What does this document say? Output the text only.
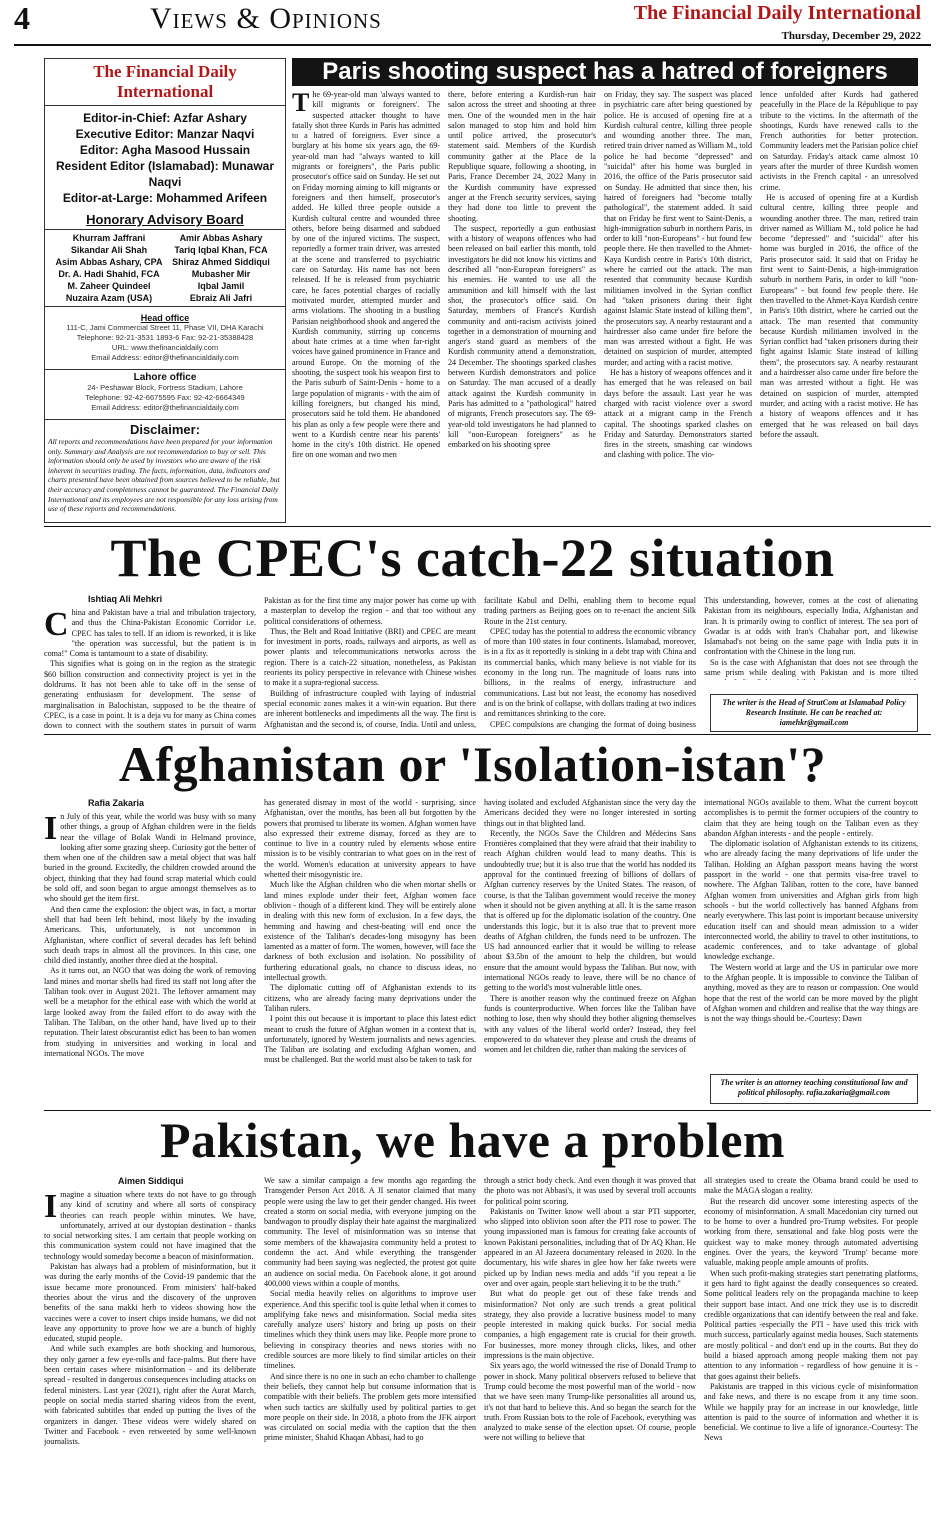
4	Views & Opinions	The Financial Daily International
Thursday, December 29, 2022
The Financial Daily International
Editor-in-Chief: Azfar Ashary
Executive Editor: Manzar Naqvi
Editor: Agha Masood Hussain
Resident Editor (Islamabad): Munawar Naqvi
Editor-at-Large: Mohammed Arifeen
Honorary Advisory Board
Khurram Jaffrani
Sikandar Ali Shah
Asim Abbas Ashary, CPA
Dr. A. Hadi Shahid, FCA
M. Zaheer Quindeel
Nuzaira Azam (USA)
Amir Abbas Ashary
Tariq Iqbal Khan, FCA
Shiraz Ahmed Siddiqui
Mubasher Mir
Iqbal Jamil
Ebraiz Ali Jafri
Head office
111-C, Jami Commercial Street 11, Phase VII, DHA Karachi
Telephone: 92-21-3531 1893-6 Fax: 92-21-35388428
URL: www.thefinancialdaily.com
Email Address: editor@thefinancialdaily.com
Lahore office
24- Peshawar Block, Fortress Stadium, Lahore
Telephone: 92-42-6675595 Fax: 92-42-6664349
Email Address: editor@thefinancialdaily.com
Disclaimer:
All reports and recommendations have been prepared for your information only. Summary and Analysis are not recommendation to buy or sell. This information should only be used by investors who are aware of the risk inherent in securities trading. The facts, information, data, indicators and charts presented have been obtained from sources believed to be reliable, but their accuracy and completeness cannot be guaranteed. The Financial Daily International and its employees are not responsible for any loss arising from use of these reports and recommendations.
Paris shooting suspect has a hatred of foreigners

The 69-year-old man 'always wanted to kill migrants or foreigners'. The suspected attacker thought to have fatally shot three Kurds in Paris has admitted to a hatred of foreigners. Ever since a burglary at his home six years ago, the 69-year-old man had "always wanted to kill migrants or foreigners", the Paris public prosecutor's office said on Sunday. He set out on Friday morning aiming to kill migrants or foreigners and then himself, prosecutor's added. He killed three people outside a Kurdish cultural centre and wounded three others, before being disarmed and subdued by one of the injured victims. The suspect, reportedly a former train driver, was arrested at the scene and transferred to psychiatric care on Saturday. His name has not been released. If he is released from psychiatric care, he faces potential charges of racially motivated murder, attempted murder and arms violations. The shooting in a bustling Parisian neighborhood shook and angered the Kurdish community, stirring up concerns about hate crimes at a time when far-right voices have gained prominence in France and around Europe. On the morning of the shooting, the suspect took his weapon first to the Paris suburb of Saint-Denis - home to a large population of migrants - with the aim of killing foreigners, but changed his mind, prosecutors said he told them. He abandoned his plan as only a few people were there and went to a Kurdish centre near his parents' home in the city's 10th district. He opened fire on one woman and two men

there, before entering a Kurdish-run hair salon across the street and shooting at three men. One of the wounded men in the hair salon managed to stop him and hold him until police arrived, the prosecutor's statement said. Members of the Kurdish community gather at the Place de la Republique square, following a shooting, in Paris, France December 24, 2022 Many in the Kurdish community have expressed anger at the French security services, saying they had done too little to prevent the shooting.

The suspect, reportedly a gun enthusiast with a history of weapons offences who had been released on bail earlier this month, told investigators he did not know his victims and described all "non-European foreigners" as his enemies. He wanted to use all the ammunition and kill himself with the last shot, the prosecutor's office said. On Saturday, members of France's Kurdish community and anti-racism activists joined together in a demonstration of mourning and anger's stand guard as members of the Kurdish community attend a demonstration, 24 December. The shootings sparked clashes between Kurdish demonstrators and police on Saturday. The man accused of a deadly attack against the Kurdish community in Paris has admitted to a "pathological" hatred of migrants, French prosecutors say. The 69-year-old told investigators he had planned to kill "non-European foreigners" as he embarked on his shooting spree

on Friday, they say. The suspect was placed in psychiatric care after being questioned by police. He is accused of opening fire at a Kurdish cultural centre, killing three people and wounding another three. The man, retired train driver named as William M., told police he had become "depressed" and "suicidal" after his home was burgled in 2016, the office of the Paris prosecutor said on Sunday. He admitted that since then, his hatred of foreigners had "become totally pathological", the statement added. It said that on Friday he first went to Saint-Denis, a high-immigration suburb in northern Paris, in order to kill "non-Europeans" - but found few people there. He then travelled to the Ahmet-Kaya Kurdish centre in Paris's 10th district, where he carried out the attack. The man resented that community because Kurdish militiamen involved in the Syrian conflict had "taken prisoners during their fight against Islamic State instead of killing them", the prosecutors say. A nearby restaurant and a hairdresser also came under fire before the man was arrested without a fight. He was detained on suspicion of murder, attempted murder, and acting with a racist motive.

He has a history of weapons offences and it has emerged that he was released on bail days before the assault. Last year he was charged with racist violence over a sword attack at a migrant camp in the French capital. The shootings sparked clashes on Friday and Saturday. Demonstrators started fires in the streets, smashing car windows and clashing with police. The vio-

lence unfolded after Kurds had gathered peacefully in the Place de la République to pay tribute to the victims. In the aftermath of the shootings, Kurds have renewed calls to the French authorities for better protection. Community leaders met the Parisian police chief on Saturday. Friday's attack came almost 10 years after the murder of three Kurdish women activists in the French capital - an unresolved crime.

He is accused of opening fire at a Kurdish cultural centre, killing three people and wounding another three. The man, retired train driver named as William M., told police he had become "depressed" and "suicidal" after his home was burgled in 2016, the office of the Paris prosecutor said. It said that on Friday he first went to Saint-Denis, a high-immigration suburb in northern Paris, in order to kill "non-Europeans" - but found few people there. He then travelled to the Ahmet-Kaya Kurdish centre in Paris's 10th district, where he carried out the attack. The man resented that community because Kurdish militiamen involved in the Syrian conflict had "taken prisoners during their fight against Islamic State instead of killing them", the prosecutors say. A nearby restaurant and a hairdresser also came under fire before the man was arrested without a fight. He was detained on suspicion of murder, attempted murder, and acting with a racist motive. He has a history of weapons offences and it has emerged that he was released on bail days before the assault.

The CPEC's catch-22 situation
Ishtiaq Ali Mehkri

China and Pakistan have a trial and tribulation trajectory, and thus the China-Pakistan Economic Corridor i.e. CPEC has tales to tell. If an idiom is reworked, it is like "the operation was successful, but the patient is in coma!" Coma is tantamount to a state of disability.

This signifies what is going on in the region as the strategic $60 billion construction and connectivity project is yet in the doldrums. It has not been able to take off in the sense of generating enthusiasm for development. The sense of marginalisation in Balochistan, supposed to be the theatre of CPEC, is a case in point. It is a deja vu for many as China comes down to connect with the southern states in pursuit of warm

Pakistan as for the first time any major power has come up with a masterplan to develop the region - and that too without any political considerations of otherness.

Thus, the Belt and Road Initiative (BRI) and CPEC are meant for investment in ports, roads, railways and airports, as well as power plants and telecommunications networks across the region. There is a catch-22 situation, nonetheless, as Pakistan reorients its policy perspective in relevance with Chinese wishes to make it a supra-regional success.

Building of infrastructure coupled with laying of industrial special economic zones makes it a win-win equation. But there are inherent bottlenecks and impediments all the way. The first is Afghanistan and the second is, of course, India. Until and unless,

facilitate Kabul and Delhi, enabling them to become equal trading partners as Beijing goes on to re-enact the ancient Silk Route in the 21st century.

CPEC today has the potential to address the economic vibrancy of more than 100 states in four continents. Islamabad, moreover, is in a fix as it reportedly is sinking in a debt trap with China and its commercial banks, which many believe is not viable for its economy in the long run. The magnitude of loans runs into billions, in the realms of energy, infrastructure and communications. Last but not least, the economy has nosedived and is on the brink of collapse, with dollars trading at two indices and remittances shrinking to the core.

CPEC compulsions are changing the format of doing business

This understanding, however, comes at the cost of alienating Pakistan from its neighbours, especially India, Afghanistan and Iran. It is primarily owing to conflict of interest. The sea port of Gwadar is at odds with Iran's Chabahar port, and likewise Islamabad's not being on the same page with India puts it in confrontation with the Chinese in the long run.

So is the case with Afghanistan that does not see through the same prism while dealing with Pakistan and is more tilted

The writer is the Head of StratCom at Islamabad Policy Research Institute. He can be reached at: iamehkr@gmail.com
Afghanistan or 'Isolation-istan'?
Rafia Zakaria

In July of this year, while the world was busy with so many other things, a group of Afghan children were in the fields near the village of Bolak Wandi in Helmand province, looking after some grazing sheep. Curiosity got the better of them when one of the children saw a metal object that was half buried in the ground. Excitedly, the children crowded around the object, thinking that they had found scrap material which could be sold off, and soon began to argue amongst themselves as to who should get the item first.

And then came the explosion: the object was, in fact, a mortar shell that had been left behind, most likely by the invading Americans. This, unfortunately, is not uncommon in Afghanistan, where conflict of several decades has left behind such death traps in almost all the provinces. In this case, one child died instantly, another three died at the hospital.

As it turns out, an NGO that was doing the work of removing land mines and mortar shells had fired its staff not long after the Taliban took over in August 2021. The leftover armament may well be a metaphor for the ethical ease with which the world at large looked away from the failed effort to do away with the Taliban. The Taliban, on the other hand, have lived up to their reputation. Their latest obscurantist edict has been to ban women from studying in universities and working in local and international NGOs. The move

has generated dismay in most of the world - surprising, since Afghanistan, over the months, has been all but forgotten by the powers that promised to liberate its women. Afghan women have also expressed their extreme dismay, forced as they are to continue to live in a country ruled by elements whose entire mission is to be visibly contrarian to what goes on in the rest of the world. Women's education at university appears to have whetted their misogynistic ire.

Much like the Afghan children who die when mortar shells or land mines explode under their feet, Afghan women face oblivion - though of a different kind. They will be entirely alone in dealing with this new form of exclusion. In a few days, the hemming and hawing and chest-beating will end once the existence of the Taliban's decades-long misogyny has been lamented as a matter of form. The women, however, will face the darkness of both exclusion and isolation. No possibility of furthering educational goals, no chance to discuss ideas, no intellectual growth.

The diplomatic cutting off of Afghanistan extends to its citizens, who are already facing many deprivations under the Taliban rulers.

I point this out because it is important to place this latest edict meant to crush the future of Afghan women in a context that is, unfortunately, ignored by Western journalists and news agencies. The Taliban are isolating and excluding Afghan women, and must be challenged. But the world must also be taken to task for

having isolated and excluded Afghanistan since the very day the Americans decided they were no longer interested in sorting things out in that blighted land.

Recently, the NGOs Save the Children and Médecins Sans Frontières complained that they were afraid that their inability to reach Afghan children would lead to many deaths. This is undoubtedly true; but it is also true that the world has nodded its approval for the continued freezing of billions of dollars of Afghan currency reserves by the United States. The reason, of course, is that the Taliban government would receive the money when it should not be given anything at all. It is the same reason that is offered up for the diplomatic isolation of the country. One understands this logic, but it is also true that to prevent more deaths of Afghan children, the funds need to be unfrozen. The US had announced earlier that it would be willing to release about $3.5bn of the amount to help the children, but would ensure that the amount would bypass the Taliban. But now, with international NGOs ready to leave, there will be no chance of getting to the world's most vulnerable little ones.

There is another reason why the continued freeze on Afghan funds is counterproductive. When forces like the Taliban have nothing to lose, then why should they bother aligning themselves with any values of the liberal world order? Instead, they feel empowered to do whatever they please and crush the dreams of women and let children die, rather than making the services of

international NGOs available to them. What the current boycott accomplishes is to permit the former occupiers of the country to claim that they are being tough on the Taliban even as they abandon Afghan interests - and the people - entirely.

The diplomatic isolation of Afghanistan extends to its citizens, who are already facing the many deprivations of life under the Taliban. Holding an Afghan passport means having the worst passport in the world - one that permits visa-free travel to nowhere. The Afghan Taliban, rotten to the core, have banned Afghan women from universities and Afghan girls from high schools - but the world collectively has banned Afghans from nearly everywhere. This last point is important because university education itself can and should mean admission to a wider interconnected world, the ability to travel to other institutions, to academic conferences, and to take advantage of global knowledge exchange.

The Western world at large and the US in particular owe more to the Afghan people. It is impossible to convince the Taliban of anything, moved as they are to reason or compassion. One would hope that the rest of the world can be more moved by the plight of Afghan women and children and realise that the way things are is not the way things should be.-Courtesy: Dawn

The writer is an attorney teaching constitutional law and political philosophy. rafia.zakaria@gmail.com
Pakistan, we have a problem
Aimen Siddiqui

Imagine a situation where texts do not have to go through any kind of scrutiny and where all sorts of conspiracy theories can reach people within minutes. We have, unfortunately, arrived at our dystopian destination - thanks to social networking sites. I am certain that people working on this communication system could not have imagined that the technology would someday become a beacon of misinformation.

Pakistan has always had a problem of misinformation, but it was during the early months of the Covid-19 pandemic that the issue became more pronounced. From ministers' half-baked theories about the virus and the discovery of the unproven benefits of the sana makki herb to videos showing how the vaccines were a cover to insert chips inside humans, we did not leave any opportunity to prove how we are a bunch of highly educated, stupid people.

And while such examples are both shocking and humorous, they only garner a few eye-rolls and face-palms. But there have been certain cases where misinformation - and its deliberate spread - resulted in dangerous consequences including attacks on federal ministers. Last year (2021), right after the Aurat March, people on social media started sharing videos from the event, with fabricated subtitles that ended up putting the lives of the organizers in danger. These videos were widely shared on Twitter and Facebook - even retweeted by some well-known journalists.

We saw a similar campaign a few months ago regarding the Transgender Person Act 2018. A JI senator claimed that many people were using the law to get their gender changed. His tweet created a storm on social media, with everyone jumping on the bandwagon to proudly display their hate against the marginalized community. The level of misinformation was so intense that some members of the khawajasira community held a protest to condemn the act. And while everything the transgender community had been saying was neglected, the protest got quite an audience on social media. On Facebook alone, it got around 400,000 views within a couple of months.

Social media heavily relies on algorithms to improve user experience. And this specific tool is quite lethal when it comes to amplifying fake news and misinformation. Social media sites carefully analyze users' history and bring up posts on their timelines which they think users may like. People more prone to believing in conspiracy theories and news stories with no credible sources are more likely to find similar articles on their timelines.

And since there is no one in such an echo chamber to challenge their beliefs, they cannot help but consume information that is compatible with their beliefs. The problem gets more intensified when such tactics are skilfully used by political parties to get more people on their side. In 2018, a photo from the JFK airport was circulated on social media with the caption that the then prime minister, Shahid Khaqan Abbasi, had to go

through a strict body check. And even though it was proved that the photo was not Abbasi's, it was used by several troll accounts for political point scoring.

Pakistanis on Twitter know well about a star PTI supporter, who slipped into oblivion soon after the PTI rose to power. The young impassioned man is famous for creating fake accounts of known Pakistani personalities, including that of Dr AQ Khan. He appeared in an Al Jazeera documentary released in 2020. In the documentary, his wife shares in glee how her fake tweets were picked up by Indian news media and adds "if you repeat a lie over and over again, people start believing it to be the truth."

But what do people get out of these fake trends and misinformation? Not only are such trends a great political strategy, they also provide a lucrative business model to many people interested in making quick bucks. For social media companies, a high engagement rate is crucial for their growth. For businesses, more money through clicks, likes, and other impressions is the main objective.

Six years ago, the world witnessed the rise of Donald Trump to power in shock. Many political observers refused to believe that Trump could become the most powerful man of the world - now that we have seen many Trump-like personalities all around us, it's not that hard to believe this. And so began the search for the truth. From Russian bots to the role of Facebook, everything was analyzed to make sense of the election upset. Of course, people were not willing to believe that

all strategies used to create the Obama brand could be used to make the MAGA slogan a reality.

But the research did uncover some interesting aspects of the economy of misinformation. A small Macedonian city turned out to be home to over a hundred pro-Trump websites. For people working from there, sensational and fake blog posts were the quickest way to make money through automated advertising engines. Over the years, the keyword 'Trump' became more valuable, making people ample amounts of profits.

When such profit-making strategies start penetrating platforms, it gets hard to fight against the deadly consequences so created. Some political leaders rely on the propaganda machine to keep their support base intact. And one trick they use is to discredit credible organizations that can identify between the real and fake. Political parties -especially the PTI - have used this trick with much success, particularly against media houses. Such statements are mostly political - and don't end up in the courts. But they do build a biased approach among people making them not pay attention to any information - regardless of how genuine it is - that goes against their beliefs.

Pakistanis are trapped in this vicious cycle of misinformation and fake news, and there is no escape from it any time soon. While we happily pray for an increase in our knowledge, little attention is paid to the source of information and whether it is beneficial. We continue to live a life of ignorance.-Courtesy: The News
